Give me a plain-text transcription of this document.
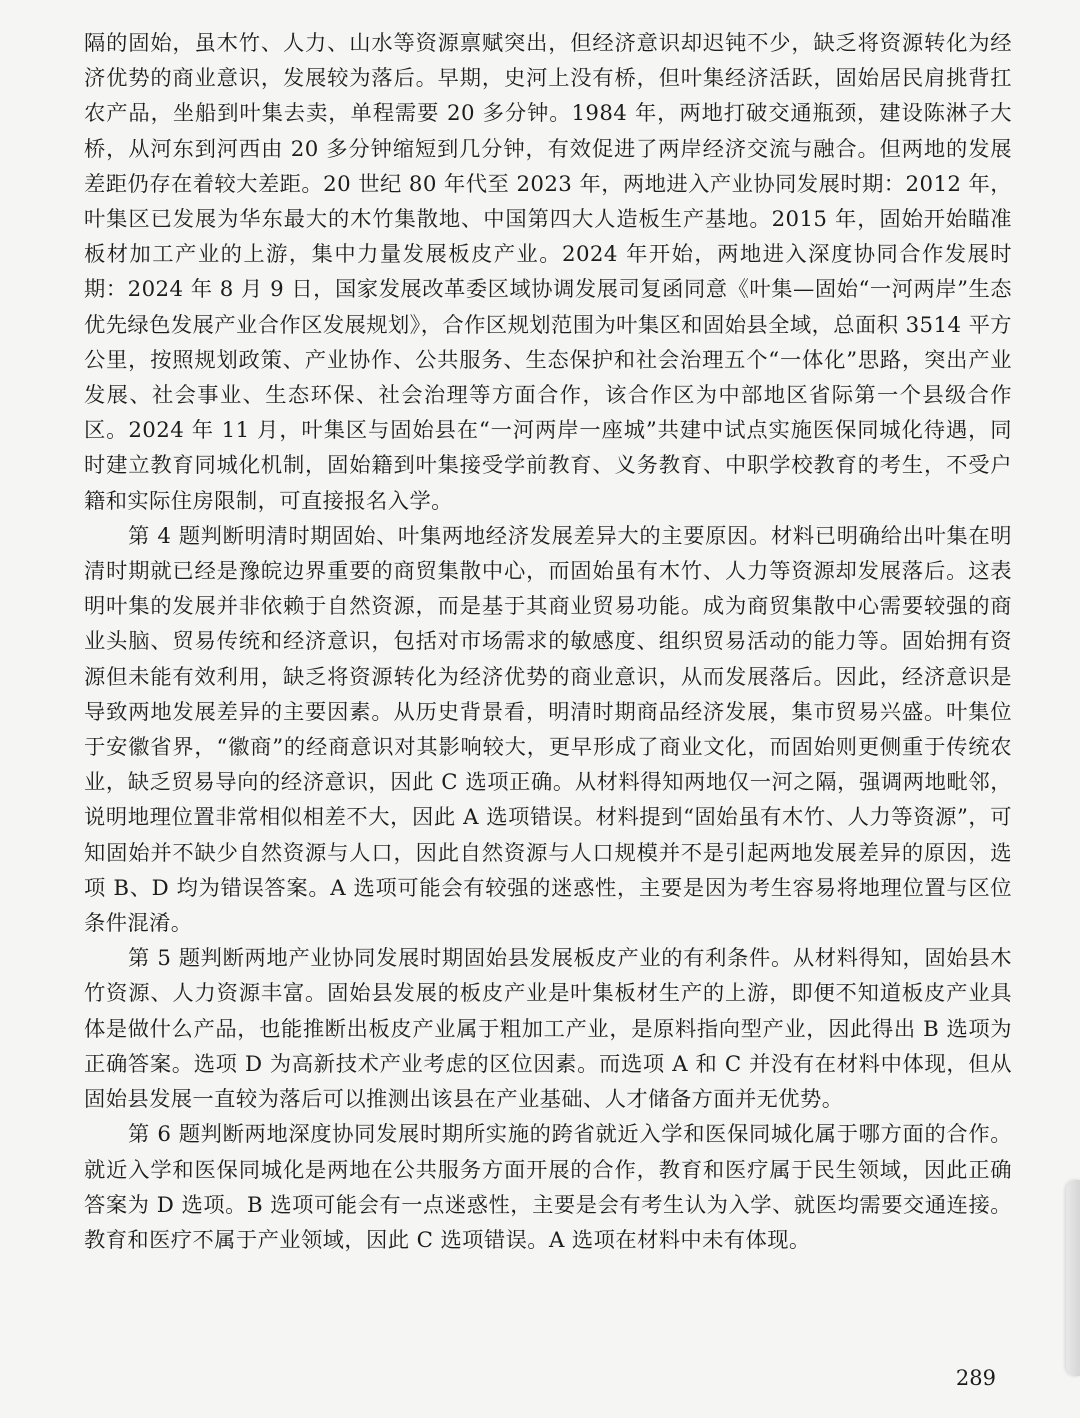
隔的固始，虽木竹、人力、山水等资源禀赋突出，但经济意识却迟钝不少，缺乏将资源转化为经济优势的商业意识，发展较为落后。早期，史河上没有桥，但叶集经济活跃，固始居民肩挑背扛农产品，坐船到叶集去卖，单程需要 20 多分钟。1984 年，两地打破交通瓶颈，建设陈淋子大桥，从河东到河西由 20 多分钟缩短到几分钟，有效促进了两岸经济交流与融合。但两地的发展差距仍存在着较大差距。20 世纪 80 年代至 2023 年，两地进入产业协同发展时期：2012 年，叶集区已发展为华东最大的木竹集散地、中国第四大人造板生产基地。2015 年，固始开始瞄准板材加工产业的上游，集中力量发展板皮产业。2024 年开始，两地进入深度协同合作发展时期：2024 年 8 月 9 日，国家发展改革委区域协调发展司复函同意《叶集—固始“一河两岸”生态优先绿色发展产业合作区发展规划》，合作区规划范围为叶集区和固始县全域，总面积 3514 平方公里，按照规划政策、产业协作、公共服务、生态保护和社会治理五个“一体化”思路，突出产业发展、社会事业、生态环保、社会治理等方面合作，该合作区为中部地区省际第一个县级合作区。2024 年 11 月，叶集区与固始县在“一河两岸一座城”共建中试点实施医保同城化待遇，同时建立教育同城化机制，固始籍到叶集接受学前教育、义务教育、中职学校教育的考生，不受户籍和实际住房限制，可直接报名入学。

第 4 题判断明清时期固始、叶集两地经济发展差异大的主要原因。材料已明确给出叶集在明清时期就已经是豫皖边界重要的商贸集散中心，而固始虽有木竹、人力等资源却发展落后。这表明叶集的发展并非依赖于自然资源，而是基于其商业贸易功能。成为商贸集散中心需要较强的商业头脑、贸易传统和经济意识，包括对市场需求的敏感度、组织贸易活动的能力等。固始拥有资源但未能有效利用，缺乏将资源转化为经济优势的商业意识，从而发展落后。因此，经济意识是导致两地发展差异的主要因素。从历史背景看，明清时期商品经济发展，集市贸易兴盛。叶集位于安徽省界，“徽商”的经商意识对其影响较大，更早形成了商业文化，而固始则更侧重于传统农业，缺乏贸易导向的经济意识，因此 C 选项正确。从材料得知两地仅一河之隔，强调两地毗邻，说明地理位置非常相似相差不大，因此 A 选项错误。材料提到“固始虽有木竹、人力等资源”，可知固始并不缺少自然资源与人口，因此自然资源与人口规模并不是引起两地发展差异的原因，选项 B、D 均为错误答案。A 选项可能会有较强的迷惑性，主要是因为考生容易将地理位置与区位条件混淆。

第 5 题判断两地产业协同发展时期固始县发展板皮产业的有利条件。从材料得知，固始县木竹资源、人力资源丰富。固始县发展的板皮产业是叶集板材生产的上游，即便不知道板皮产业具体是做什么产品，也能推断出板皮产业属于粗加工产业，是原料指向型产业，因此得出 B 选项为正确答案。选项 D 为高新技术产业考虑的区位因素。而选项 A 和 C 并没有在材料中体现，但从固始县发展一直较为落后可以推测出该县在产业基础、人才储备方面并无优势。

第 6 题判断两地深度协同发展时期所实施的跨省就近入学和医保同城化属于哪方面的合作。就近入学和医保同城化是两地在公共服务方面开展的合作，教育和医疗属于民生领域，因此正确答案为 D 选项。B 选项可能会有一点迷惑性，主要是会有考生认为入学、就医均需要交通连接。教育和医疗不属于产业领域，因此 C 选项错误。A 选项在材料中未有体现。

289
